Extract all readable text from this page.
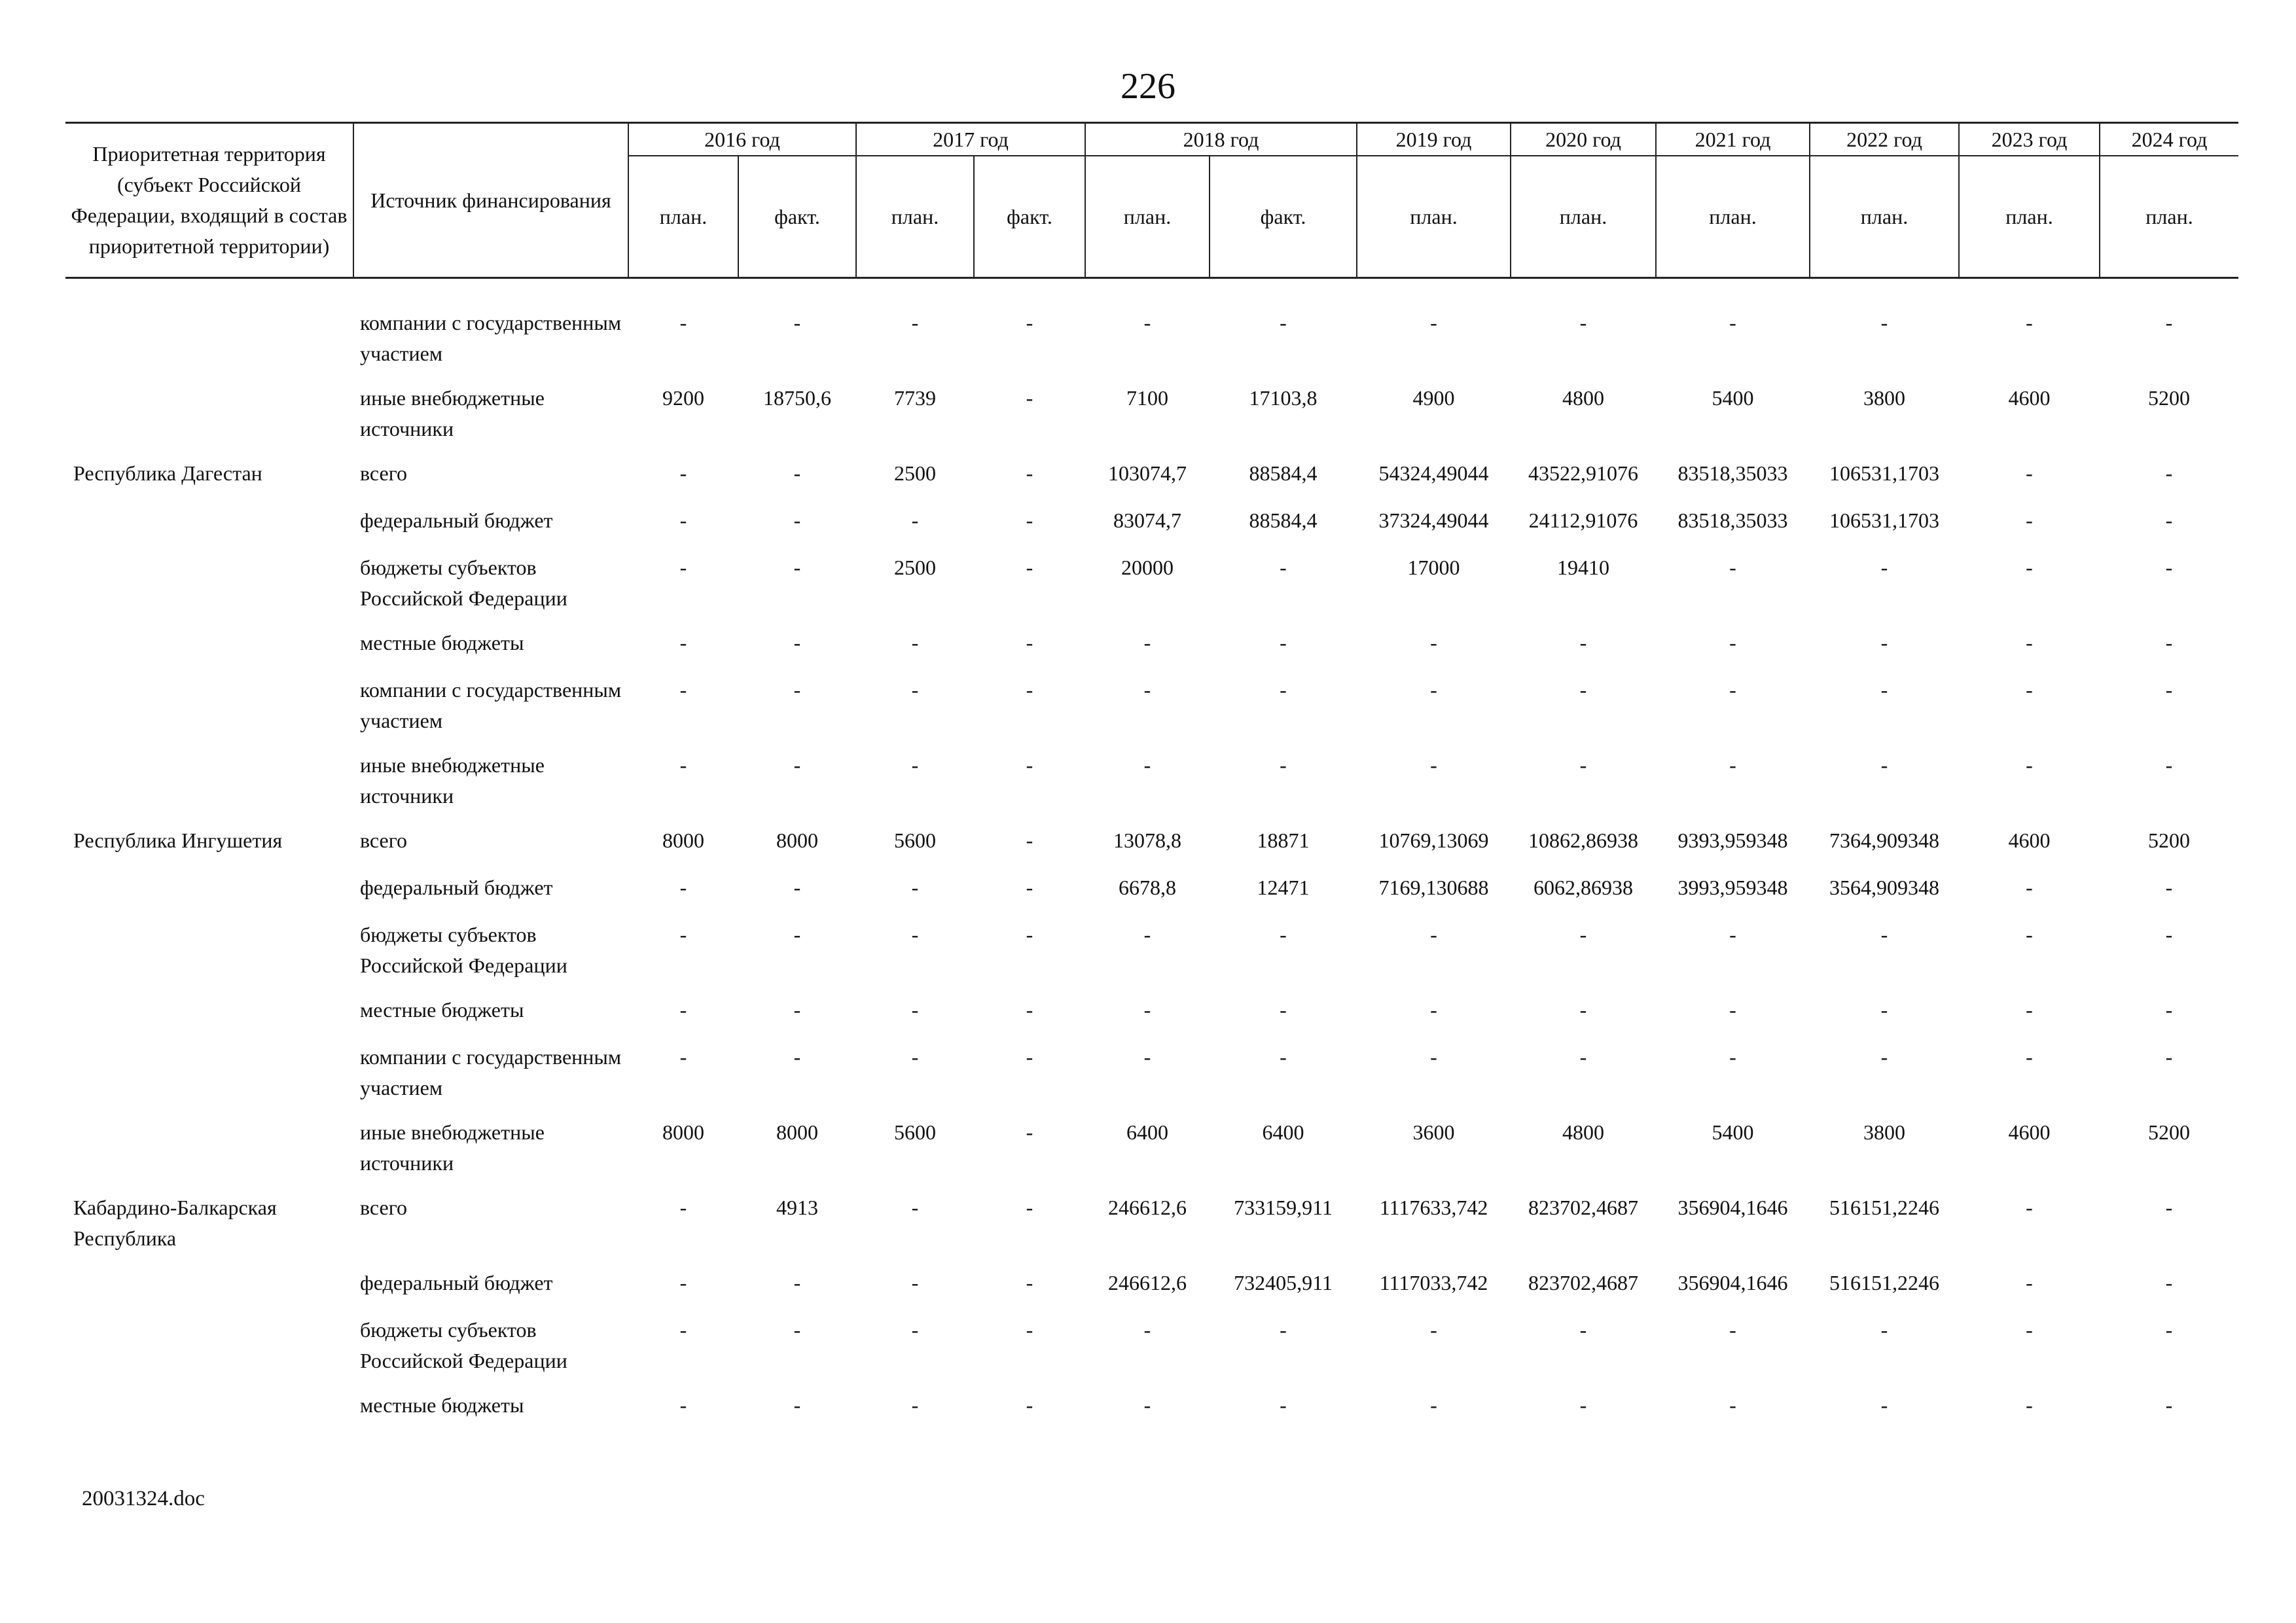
226
Приоритетная территория (субъект Российской Федерации, входящий в состав приоритетной территории)	Источник финансирования	2016 год		2017 год		2018 год		2019 год	2020 год	2021 год	2022 год	2023 год	2024 год
		план.	факт.	план.	факт.	план.	факт.	план.	план.	план.	план.	план.	план.

	компании с государственным участием	-	-	-	-	-	-	-	-	-	-	-	-
	иные внебюджетные источники	9200	18750,6	7739	-	7100	17103,8	4900	4800	5400	3800	4600	5200
Республика Дагестан	всего	-	-	2500	-	103074,7	88584,4	54324,49044	43522,91076	83518,35033	106531,1703	-	-
	федеральный бюджет	-	-	-	-	83074,7	88584,4	37324,49044	24112,91076	83518,35033	106531,1703	-	-
	бюджеты субъектов Российской Федерации	-	-	2500	-	20000	-	17000	19410	-	-	-	-
	местные бюджеты	-	-	-	-	-	-	-	-	-	-	-	-
	компании с государственным участием	-	-	-	-	-	-	-	-	-	-	-	-
	иные внебюджетные источники	-	-	-	-	-	-	-	-	-	-	-	-
Республика Ингушетия	всего	8000	8000	5600	-	13078,8	18871	10769,13069	10862,86938	9393,959348	7364,909348	4600	5200
	федеральный бюджет	-	-	-	-	6678,8	12471	7169,130688	6062,86938	3993,959348	3564,909348	-	-
	бюджеты субъектов Российской Федерации	-	-	-	-	-	-	-	-	-	-	-	-
	местные бюджеты	-	-	-	-	-	-	-	-	-	-	-	-
	компании с государственным участием	-	-	-	-	-	-	-	-	-	-	-	-
	иные внебюджетные источники	8000	8000	5600	-	6400	6400	3600	4800	5400	3800	4600	5200
Кабардино-Балкарская Республика	всего	-	4913	-	-	246612,6	733159,911	1117633,742	823702,4687	356904,1646	516151,2246	-	-
	федеральный бюджет	-	-	-	-	246612,6	732405,911	1117033,742	823702,4687	356904,1646	516151,2246	-	-
	бюджеты субъектов Российской Федерации	-	-	-	-	-	-	-	-	-	-	-	-
	местные бюджеты	-	-	-	-	-	-	-	-	-	-	-	-
20031324.doc
